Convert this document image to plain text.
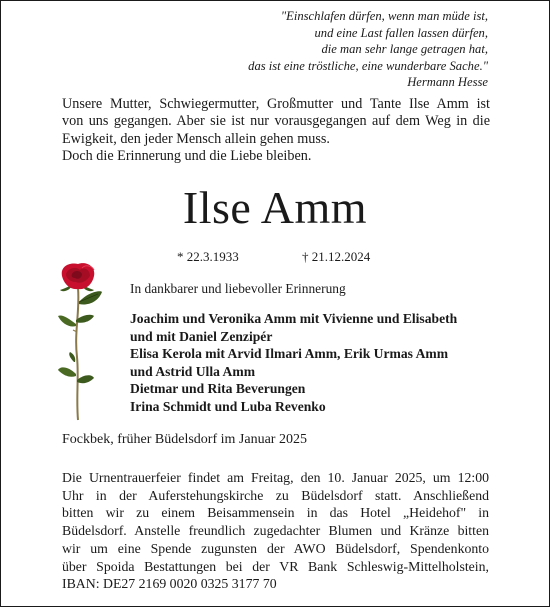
"Einschlafen dürfen, wenn man müde ist,
und eine Last fallen lassen dürfen,
die man sehr lange getragen hat,
das ist eine tröstliche, eine wunderbare Sache."
Hermann Hesse
Unsere Mutter, Schwiegermutter, Großmutter und Tante Ilse Amm ist
von uns gegangen. Aber sie ist nur vorausgegangen auf dem Weg in die
Ewigkeit, den jeder Mensch allein gehen muss.
Doch die Erinnerung und die Liebe bleiben.
Ilse Amm
* 22.3.1933	† 21.12.2024
In dankbarer und liebevoller Erinnerung
Joachim und Veronika Amm mit Vivienne und Elisabeth
und mit Daniel Zenzipér
Elisa Kerola mit Arvid Ilmari Amm, Erik Urmas Amm
und Astrid Ulla Amm
Dietmar und Rita Beverungen
Irina Schmidt und Luba Revenko
Fockbek, früher Büdelsdorf im Januar 2025
Die Urnentrauerfeier findet am Freitag, den 10. Januar 2025, um 12:00
Uhr in der Auferstehungskirche zu Büdelsdorf statt. Anschließend
bitten wir zu einem Beisammensein in das Hotel „Heidehof" in
Büdelsdorf. Anstelle freundlich zugedachter Blumen und Kränze bitten
wir um eine Spende zugunsten der AWO Büdelsdorf, Spendenkonto
über Spoida Bestattungen bei der VR Bank Schleswig-Mittelholstein,
IBAN: DE27 2169 0020 0325 3177 70
